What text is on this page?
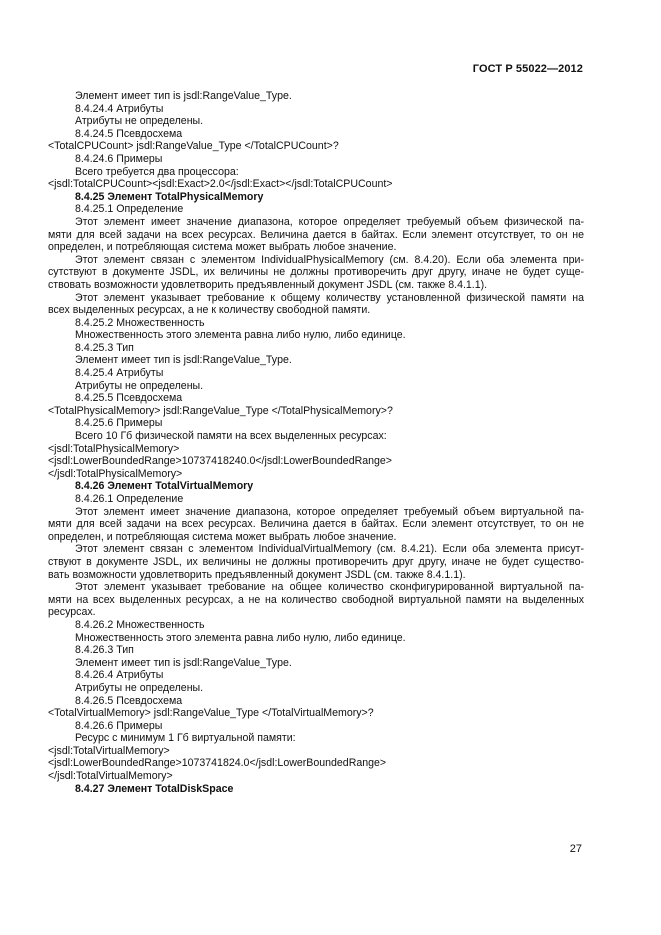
ГОСТ Р 55022—2012
Элемент имеет тип is jsdl:RangeValue_Type.
8.4.24.4 Атрибуты
Атрибуты не определены.
8.4.24.5 Псевдосхема
<TotalCPUCount> jsdl:RangeValue_Type </TotalCPUCount>?
8.4.24.6 Примеры
Всего требуется два процессора:
<jsdl:TotalCPUCount><jsdl:Exact>2.0</jsdl:Exact></jsdl:TotalCPUCount>
8.4.25 Элемент TotalPhysicalMemory
8.4.25.1 Определение
Этот элемент имеет значение диапазона, которое определяет требуемый объем физической па-
мяти для всей задачи на всех ресурсах. Величина дается в байтах. Если элемент отсутствует, то он не
определен, и потребляющая система может выбрать любое значение.
Этот элемент связан с элементом IndividualPhysicalMemory (см. 8.4.20). Если оба элемента при-
сутствуют в документе JSDL, их величины не должны противоречить друг другу, иначе не будет суще-
ствовать возможности удовлетворить предъявленный документ JSDL (см. также 8.4.1.1).
Этот элемент указывает требование к общему количеству установленной физической памяти на
всех выделенных ресурсах, а не к количеству свободной памяти.
8.4.25.2 Множественность
Множественность этого элемента равна либо нулю, либо единице.
8.4.25.3 Тип
Элемент имеет тип is jsdl:RangeValue_Type.
8.4.25.4 Атрибуты
Атрибуты не определены.
8.4.25.5 Псевдосхема
<TotalPhysicalMemory> jsdl:RangeValue_Type </TotalPhysicalMemory>?
8.4.25.6 Примеры
Всего 10 Гб физической памяти на всех выделенных ресурсах:
<jsdl:TotalPhysicalMemory>
<jsdl:LowerBoundedRange>10737418240.0</jsdl:LowerBoundedRange>
</jsdl:TotalPhysicalMemory>
8.4.26 Элемент TotalVirtualMemory
8.4.26.1 Определение
Этот элемент имеет значение диапазона, которое определяет требуемый объем виртуальной па-
мяти для всей задачи на всех ресурсах. Величина дается в байтах. Если элемент отсутствует, то он не
определен, и потребляющая система может выбрать любое значение.
Этот элемент связан с элементом IndividualVirtualMemory (см. 8.4.21). Если оба элемента присут-
ствуют в документе JSDL, их величины не должны противоречить друг другу, иначе не будет существо-
вать возможности удовлетворить предъявленный документ JSDL (см. также 8.4.1.1).
Этот элемент указывает требование на общее количество сконфигурированной виртуальной па-
мяти на всех выделенных ресурсах, а не на количество свободной виртуальной памяти на выделенных
ресурсах.
8.4.26.2 Множественность
Множественность этого элемента равна либо нулю, либо единице.
8.4.26.3 Тип
Элемент имеет тип is jsdl:RangeValue_Type.
8.4.26.4 Атрибуты
Атрибуты не определены.
8.4.26.5 Псевдосхема
<TotalVirtualMemory> jsdl:RangeValue_Type </TotalVirtualMemory>?
8.4.26.6 Примеры
Ресурс с минимум 1 Гб виртуальной памяти:
<jsdl:TotalVirtualMemory>
<jsdl:LowerBoundedRange>1073741824.0</jsdl:LowerBoundedRange>
</jsdl:TotalVirtualMemory>
8.4.27 Элемент TotalDiskSpace
27
